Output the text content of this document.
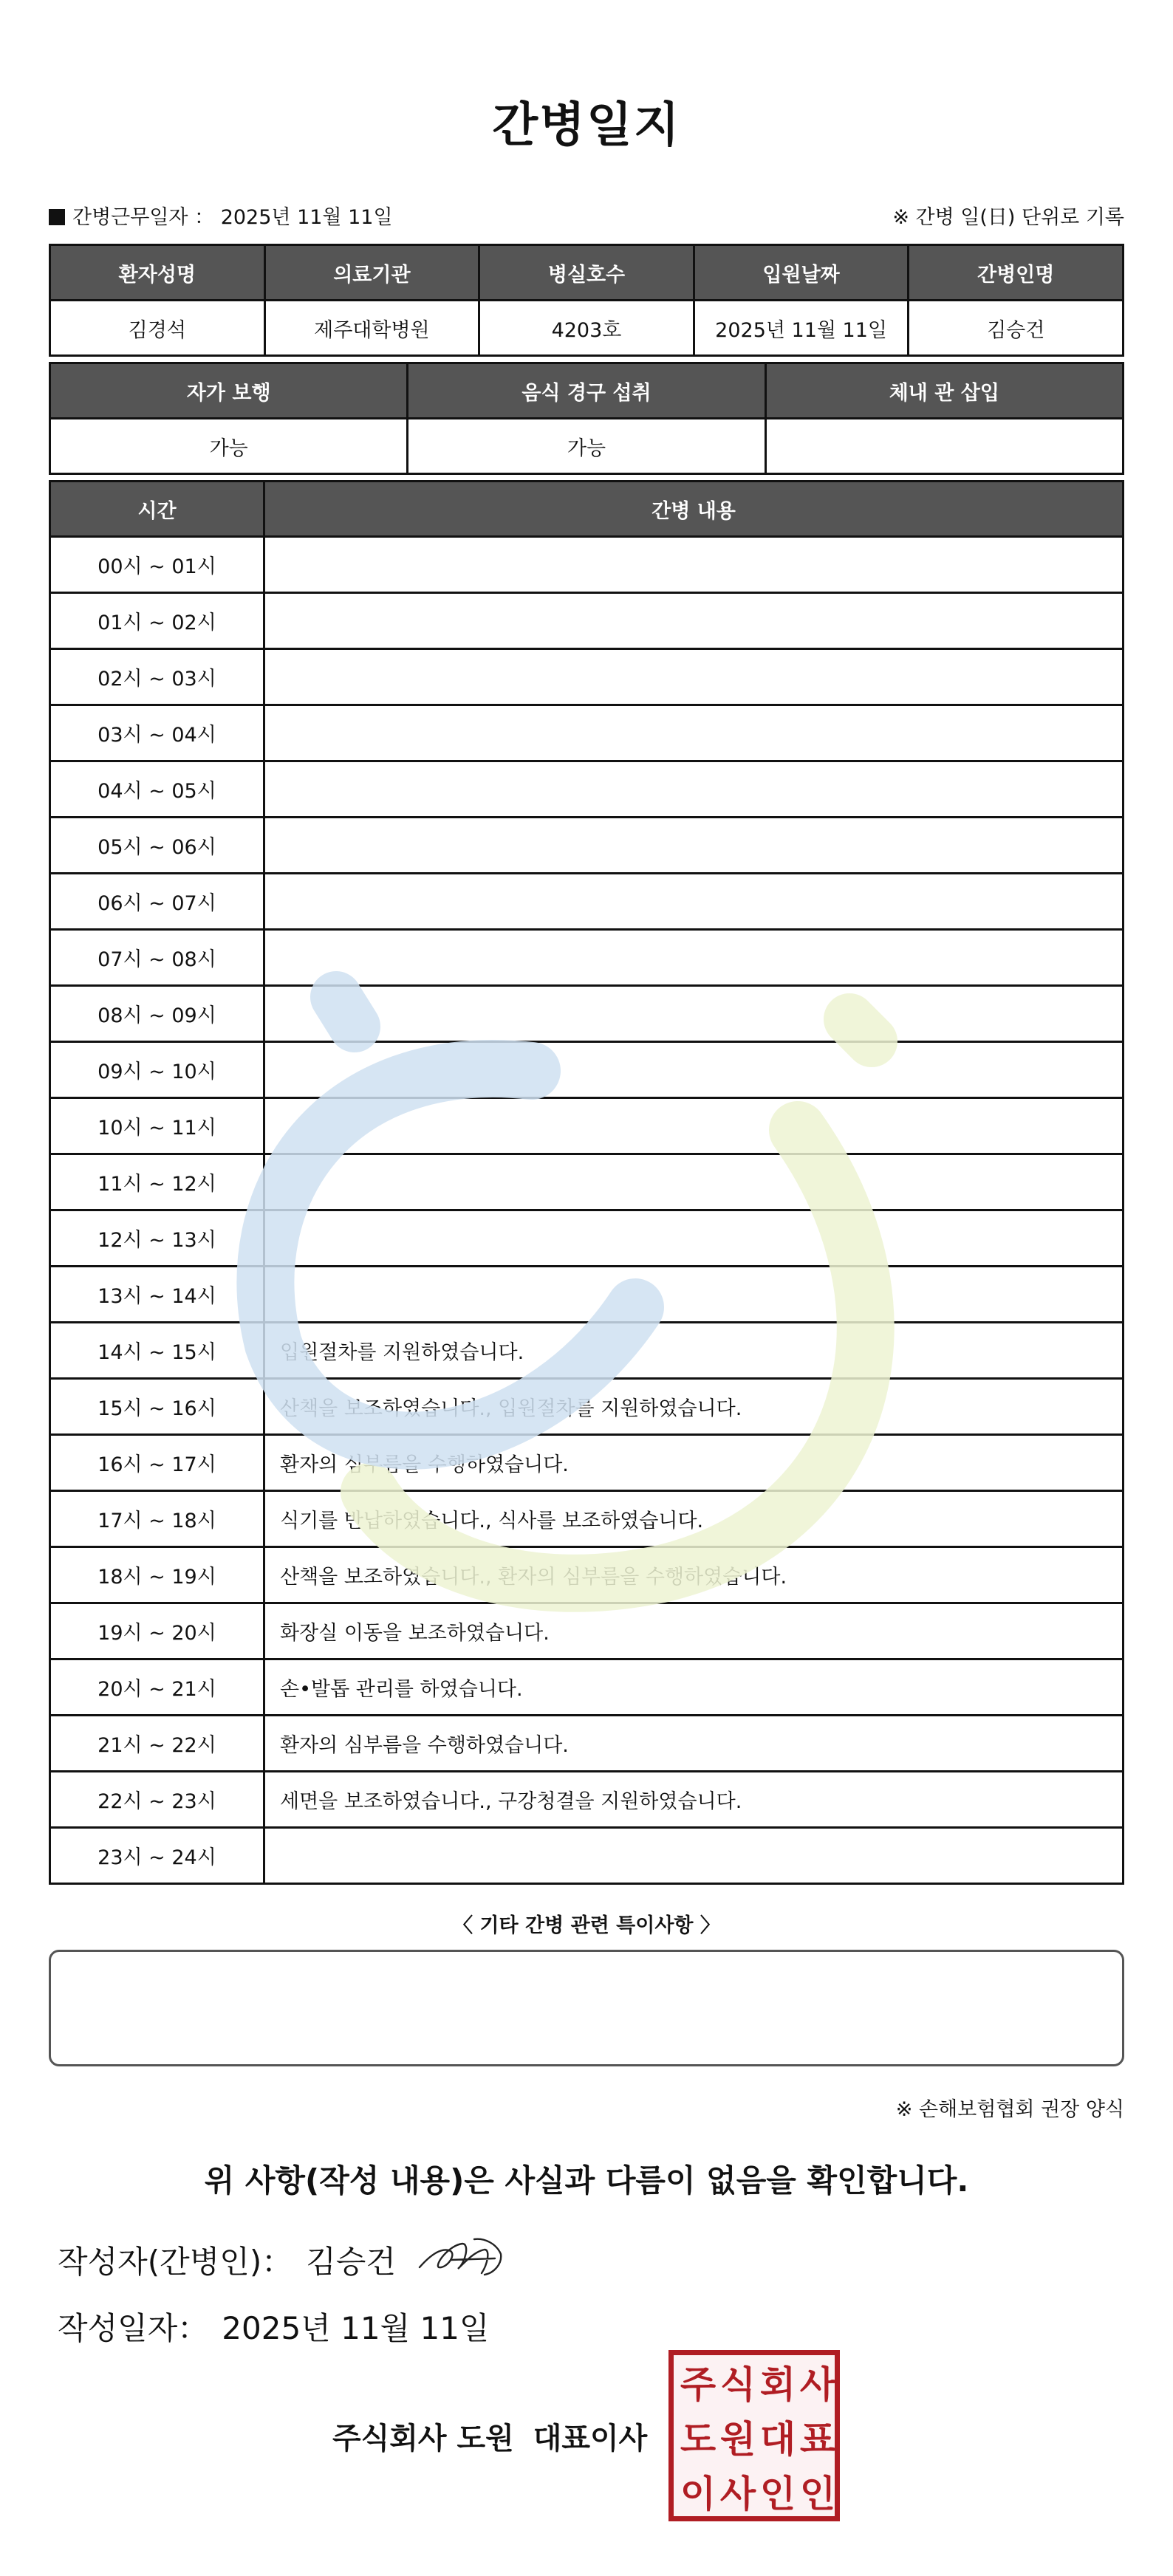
간병일지
간병근무일자 ： 2025년 11월 11일	※ 간병 일(日) 단위로 기록
환자성명	의료기관	병실호수	입원날짜	간병인명
김경석	제주대학병원	4203호	2025년 11월 11일	김승건
자가 보행	음식 경구 섭취	체내 관 삽입
가능	가능	
시간	간병 내용
00시 ~ 01시	
01시 ~ 02시	
02시 ~ 03시	
03시 ~ 04시	
04시 ~ 05시	
05시 ~ 06시	
06시 ~ 07시	
07시 ~ 08시	
08시 ~ 09시	
09시 ~ 10시	
10시 ~ 11시	
11시 ~ 12시	
12시 ~ 13시	
13시 ~ 14시	
14시 ~ 15시	입원절차를 지원하였습니다.
15시 ~ 16시	산책을 보조하였습니다., 입원절차를 지원하였습니다.
16시 ~ 17시	환자의 심부름을 수행하였습니다.
17시 ~ 18시	식기를 반납하였습니다., 식사를 보조하였습니다.
18시 ~ 19시	산책을 보조하였습니다., 환자의 심부름을 수행하였습니다.
19시 ~ 20시	화장실 이동을 보조하였습니다.
20시 ~ 21시	손•발톱 관리를 하였습니다.
21시 ~ 22시	환자의 심부름을 수행하였습니다.
22시 ~ 23시	세면을 보조하였습니다., 구강청결을 지원하였습니다.
23시 ~ 24시	
〈 기타 간병 관련 특이사항 〉
※ 손해보험협회 권장 양식
위 사항(작성 내용)은 사실과 다름이 없음을 확인합니다.
작성자(간병인)： 김승건
작성일자： 2025년 11월 11일
주식회사 도원 대표이사
주 식 회 사
도 원 대 표
이 사 인 인
